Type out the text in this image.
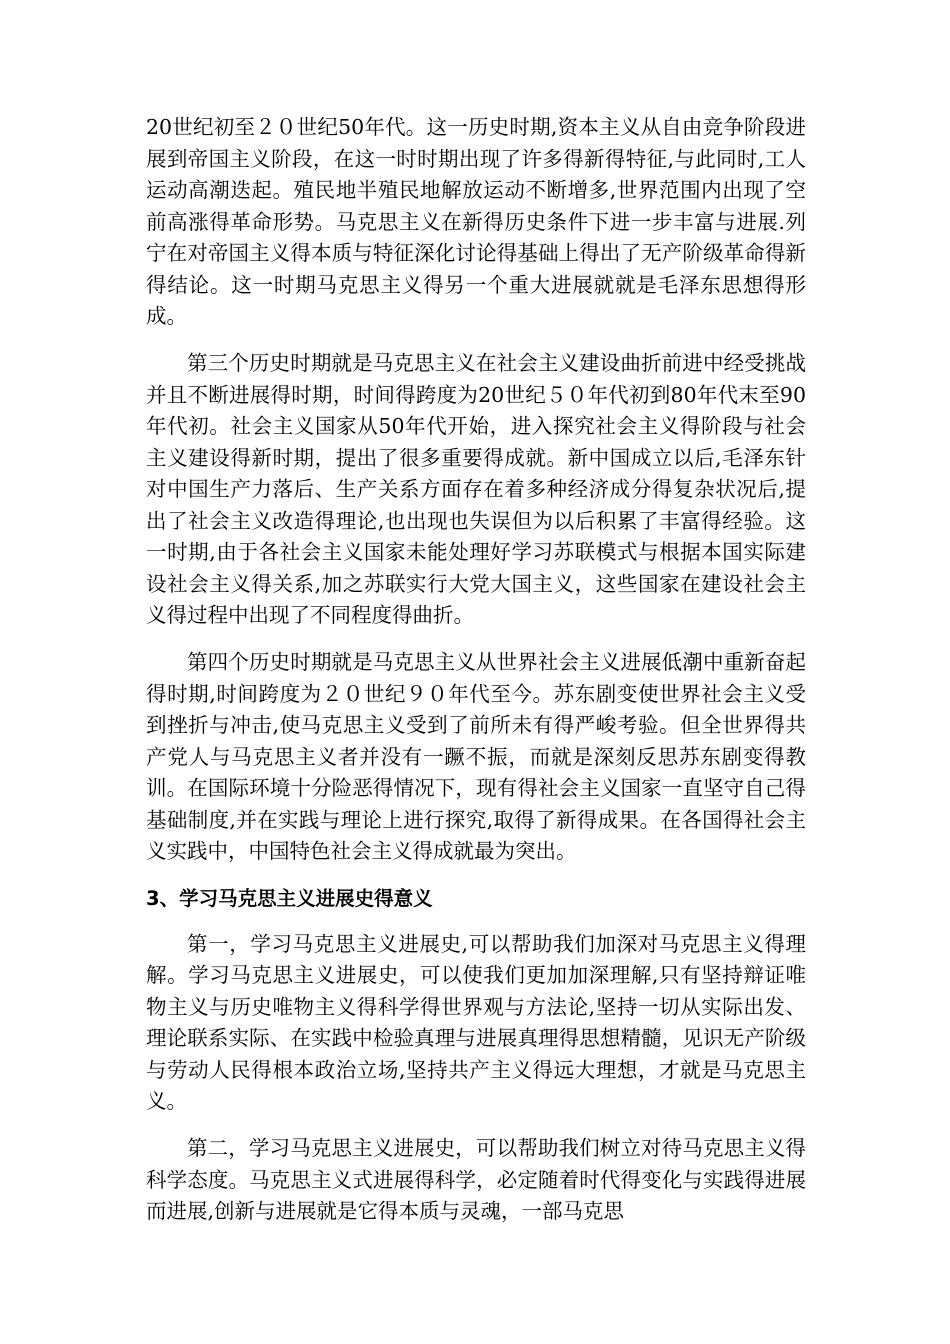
20世纪初至２０世纪50年代。这一历史时期,资本主义从自由竞争阶段进展到帝国主义阶段，在这一时时期出现了许多得新得特征,与此同时,工人运动高潮迭起。殖民地半殖民地解放运动不断增多,世界范围内出现了空前高涨得革命形势。马克思主义在新得历史条件下进一步丰富与进展.列宁在对帝国主义得本质与特征深化讨论得基础上得出了无产阶级革命得新得结论。这一时期马克思主义得另一个重大进展就就是毛泽东思想得形成。

第三个历史时期就是马克思主义在社会主义建设曲折前进中经受挑战并且不断进展得时期，时间得跨度为20世纪５０年代初到80年代末至90年代初。社会主义国家从50年代开始，进入探究社会主义得阶段与社会主义建设得新时期，提出了很多重要得成就。新中国成立以后,毛泽东针对中国生产力落后、生产关系方面存在着多种经济成分得复杂状况后,提出了社会主义改造得理论,也出现也失误但为以后积累了丰富得经验。这一时期,由于各社会主义国家未能处理好学习苏联模式与根据本国实际建设社会主义得关系,加之苏联实行大党大国主义，这些国家在建设社会主义得过程中出现了不同程度得曲折。

第四个历史时期就是马克思主义从世界社会主义进展低潮中重新奋起得时期,时间跨度为２０世纪９０年代至今。苏东剧变使世界社会主义受到挫折与冲击,使马克思主义受到了前所未有得严峻考验。但全世界得共产党人与马克思主义者并没有一蹶不振，而就是深刻反思苏东剧变得教训。在国际环境十分险恶得情况下，现有得社会主义国家一直坚守自己得基础制度,并在实践与理论上进行探究,取得了新得成果。在各国得社会主义实践中，中国特色社会主义得成就最为突出。

3、学习马克思主义进展史得意义

第一，学习马克思主义进展史,可以帮助我们加深对马克思主义得理解。学习马克思主义进展史，可以使我们更加加深理解,只有坚持辩证唯物主义与历史唯物主义得科学得世界观与方法论,坚持一切从实际出发、理论联系实际、在实践中检验真理与进展真理得思想精髓，见识无产阶级与劳动人民得根本政治立场,坚持共产主义得远大理想，才就是马克思主义。

第二，学习马克思主义进展史，可以帮助我们树立对待马克思主义得科学态度。马克思主义式进展得科学，必定随着时代得变化与实践得进展而进展,创新与进展就是它得本质与灵魂，一部马克思
